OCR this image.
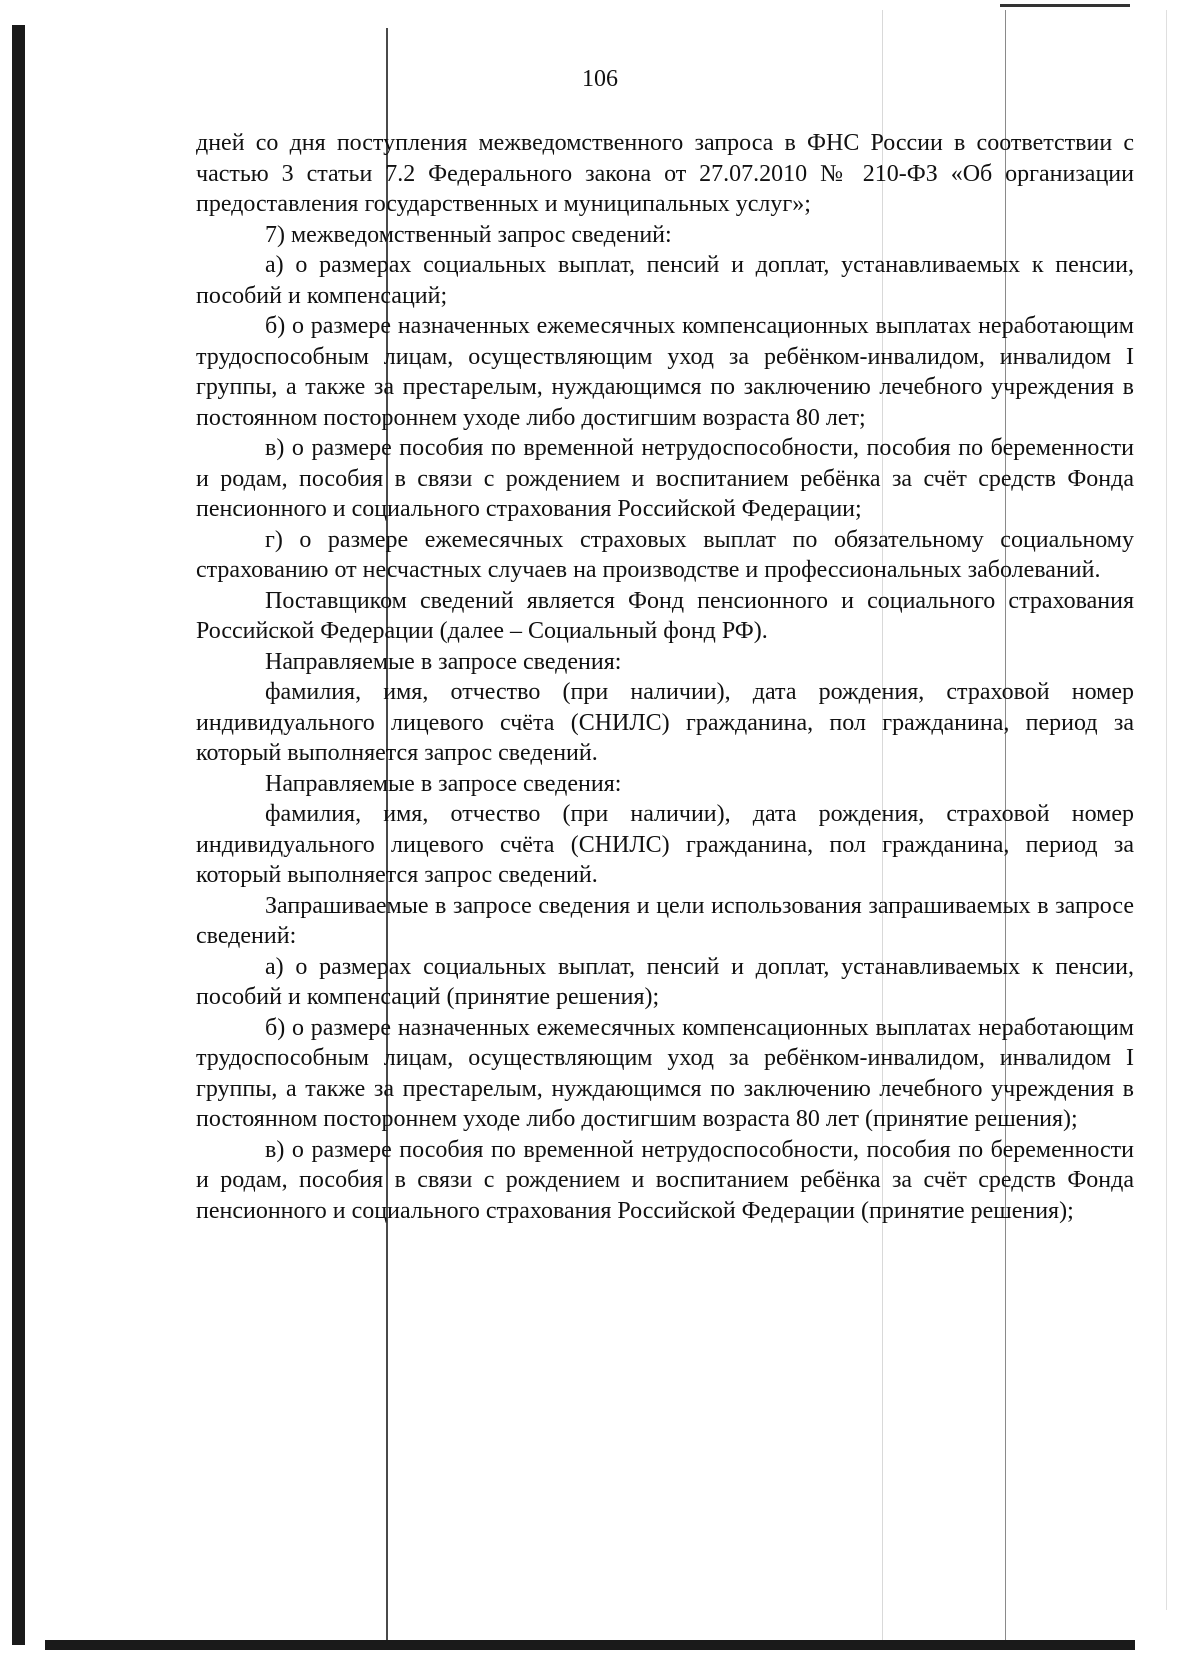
106

дней со дня поступления межведомственного запроса в ФНС России в соответствии с частью 3 статьи 7.2 Федерального закона от 27.07.2010 № 210-ФЗ «Об организации предоставления государственных и муниципальных услуг»;

7) межведомственный запрос сведений:

а) о размерах социальных выплат, пенсий и доплат, устанавливаемых к пенсии, пособий и компенсаций;

б) о размере назначенных ежемесячных компенсационных выплатах неработающим трудоспособным лицам, осуществляющим уход за ребёнком-инвалидом, инвалидом I группы, а также за престарелым, нуждающимся по заключению лечебного учреждения в постоянном постороннем уходе либо достигшим возраста 80 лет;

в) о размере пособия по временной нетрудоспособности, пособия по беременности и родам, пособия в связи с рождением и воспитанием ребёнка за счёт средств Фонда пенсионного и социального страхования Российской Федерации;

г) о размере ежемесячных страховых выплат по обязательному социальному страхованию от несчастных случаев на производстве и профессиональных заболеваний.

Поставщиком сведений является Фонд пенсионного и социального страхования Российской Федерации (далее – Социальный фонд РФ).

Направляемые в запросе сведения:

фамилия, имя, отчество (при наличии), дата рождения, страховой номер индивидуального лицевого счёта (СНИЛС) гражданина, пол гражданина, период за который выполняется запрос сведений.

Направляемые в запросе сведения:

фамилия, имя, отчество (при наличии), дата рождения, страховой номер индивидуального лицевого счёта (СНИЛС) гражданина, пол гражданина, период за который выполняется запрос сведений.

Запрашиваемые в запросе сведения и цели использования запрашиваемых в запросе сведений:

а) о размерах социальных выплат, пенсий и доплат, устанавливаемых к пенсии, пособий и компенсаций (принятие решения);

б) о размере назначенных ежемесячных компенсационных выплатах неработающим трудоспособным лицам, осуществляющим уход за ребёнком-инвалидом, инвалидом I группы, а также за престарелым, нуждающимся по заключению лечебного учреждения в постоянном постороннем уходе либо достигшим возраста 80 лет (принятие решения);

в) о размере пособия по временной нетрудоспособности, пособия по беременности и родам, пособия в связи с рождением и воспитанием ребёнка за счёт средств Фонда пенсионного и социального страхования Российской Федерации (принятие решения);
